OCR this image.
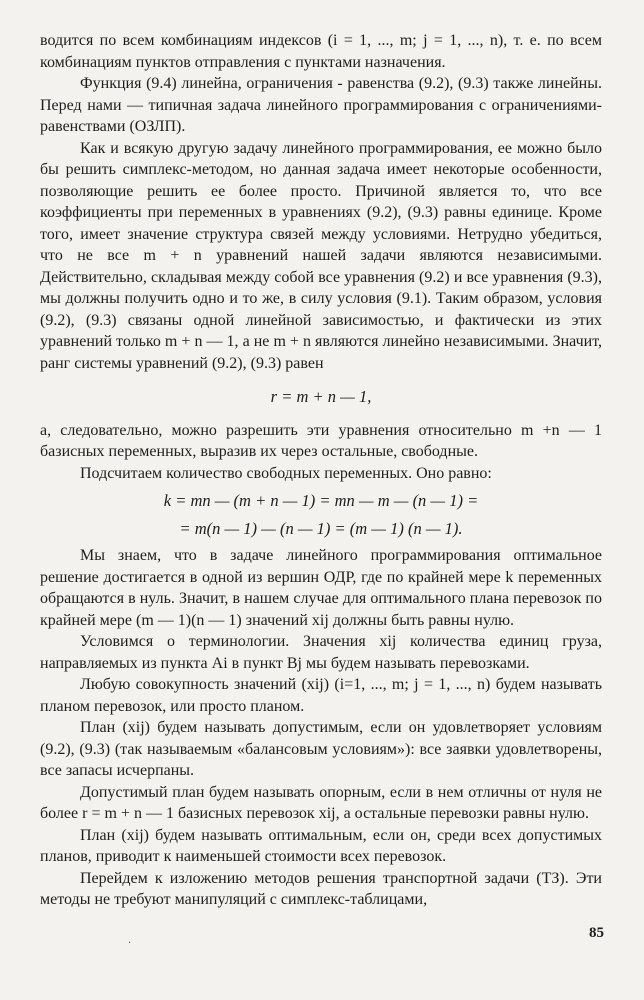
водится по всем комбинациям индексов (i = 1, ..., m; j = 1, ..., n), т. е. по всем комбинациям пунктов отправления с пунктами назначения.

Функция (9.4) линейна, ограничения - равенства (9.2), (9.3) также линейны. Перед нами — типичная задача линейного программирования с ограничениями-равенствами (ОЗЛП).

Как и всякую другую задачу линейного программирования, ее можно было бы решить симплекс-методом, но данная задача имеет некоторые особенности, позволяющие решить ее более просто. Причиной является то, что все коэффициенты при переменных в уравнениях (9.2), (9.3) равны единице. Кроме того, имеет значение структура связей между условиями. Нетрудно убедиться, что не все m + n уравнений нашей задачи являются независимыми. Действительно, складывая между собой все уравнения (9.2) и все уравнения (9.3), мы должны получить одно и то же, в силу условия (9.1). Таким образом, условия (9.2), (9.3) связаны одной линейной зависимостью, и фактически из этих уравнений только m + n — 1, а не m + n являются линейно независимыми. Значит, ранг системы уравнений (9.2), (9.3) равен

r = m + n — 1,

а, следовательно, можно разрешить эти уравнения относительно m +n — 1 базисных переменных, выразив их через остальные, свободные.

Подсчитаем количество свободных переменных. Оно равно:

k = mn — (m + n — 1) = mn — m — (n — 1) =

= m(n — 1) — (n — 1) = (m — 1) (n — 1).

Мы знаем, что в задаче линейного программирования оптимальное решение достигается в одной из вершин ОДР, где по крайней мере k переменных обращаются в нуль. Значит, в нашем случае для оптимального плана перевозок по крайней мере (m — 1)(n — 1) значений xij должны быть равны нулю.

Условимся о терминологии. Значения xij количества единиц груза, направляемых из пункта Ai в пункт Bj мы будем называть перевозками.

Любую совокупность значений (xij) (i=1, ..., m; j = 1, ..., n) будем называть планом перевозок, или просто планом.

План (xij) будем называть допустимым, если он удовлетворяет условиям (9.2), (9.3) (так называемым «балансовым условиям»): все заявки удовлетворены, все запасы исчерпаны.

Допустимый план будем называть опорным, если в нем отличны от нуля не более r = m + n — 1 базисных перевозок xij, а остальные перевозки равны нулю.

План (xij) будем называть оптимальным, если он, среди всех допустимых планов, приводит к наименьшей стоимости всех перевозок.

Перейдем к изложению методов решения транспортной задачи (ТЗ). Эти методы не требуют манипуляций с симплекс-таблицами,

·
85
